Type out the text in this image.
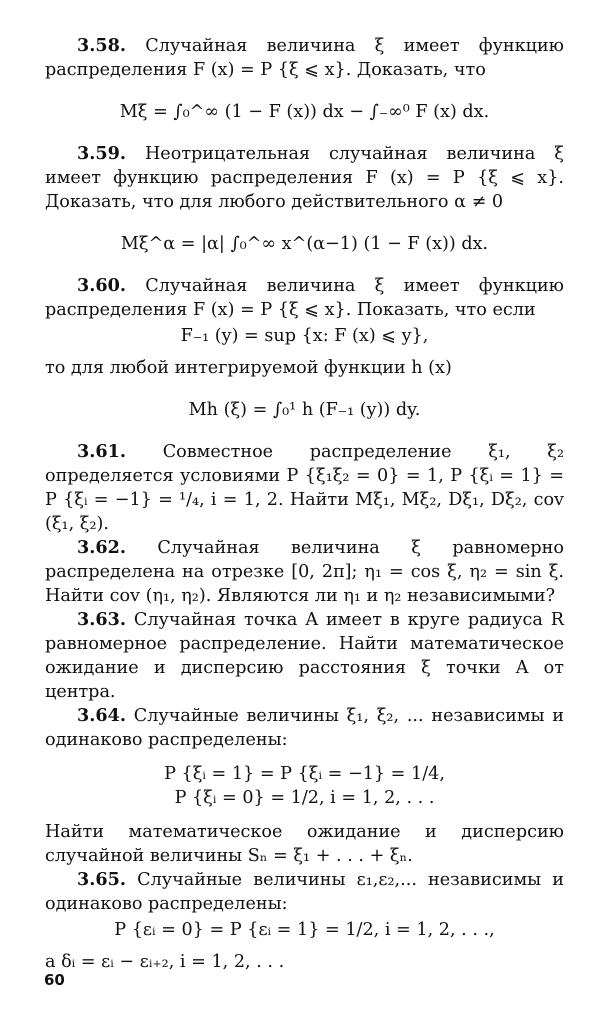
3.58. Случайная величина ξ имеет функцию распределения F (x) = P {ξ ⩽ x}. Доказать, что

Mξ = ∫₀^∞ (1 − F (x)) dx − ∫₋∞⁰ F (x) dx.

3.59. Неотрицательная случайная величина ξ имеет функцию распределения F (x) = P {ξ ⩽ x}. Доказать, что для любого действительного α ≠ 0

Mξ^α = |α| ∫₀^∞ x^(α−1) (1 − F (x)) dx.

3.60. Случайная величина ξ имеет функцию распределения F (x) = P {ξ ⩽ x}. Показать, что если

F₋₁ (y) = sup {x: F (x) ⩽ y},

то для любой интегрируемой функции h (x)

Mh (ξ) = ∫₀¹ h (F₋₁ (y)) dy.

3.61. Совместное распределение ξ₁, ξ₂ определяется условиями P {ξ₁ξ₂ = 0} = 1, P {ξᵢ = 1} = P {ξᵢ = −1} = ¹/₄, i = 1, 2. Найти Mξ₁, Mξ₂, Dξ₁, Dξ₂, cov (ξ₁, ξ₂).

3.62. Случайная величина ξ равномерно распределена на отрезке [0, 2π]; η₁ = cos ξ, η₂ = sin ξ. Найти cov (η₁, η₂). Являются ли η₁ и η₂ независимыми?

3.63. Случайная точка A имеет в круге радиуса R равномерное распределение. Найти математическое ожидание и дисперсию расстояния ξ точки A от центра.

3.64. Случайные величины ξ₁, ξ₂, ... независимы и одинаково распределены:

P {ξᵢ = 1} = P {ξᵢ = −1} = 1/4,
P {ξᵢ = 0} = 1/2, i = 1, 2, . . .

Найти математическое ожидание и дисперсию случайной величины Sₙ = ξ₁ + . . . + ξₙ.

3.65. Случайные величины ε₁,ε₂,... независимы и одинаково распределены:

P {εᵢ = 0} = P {εᵢ = 1} = 1/2, i = 1, 2, . . .,

a δᵢ = εᵢ − εᵢ₊₂, i = 1, 2, . . .

60
